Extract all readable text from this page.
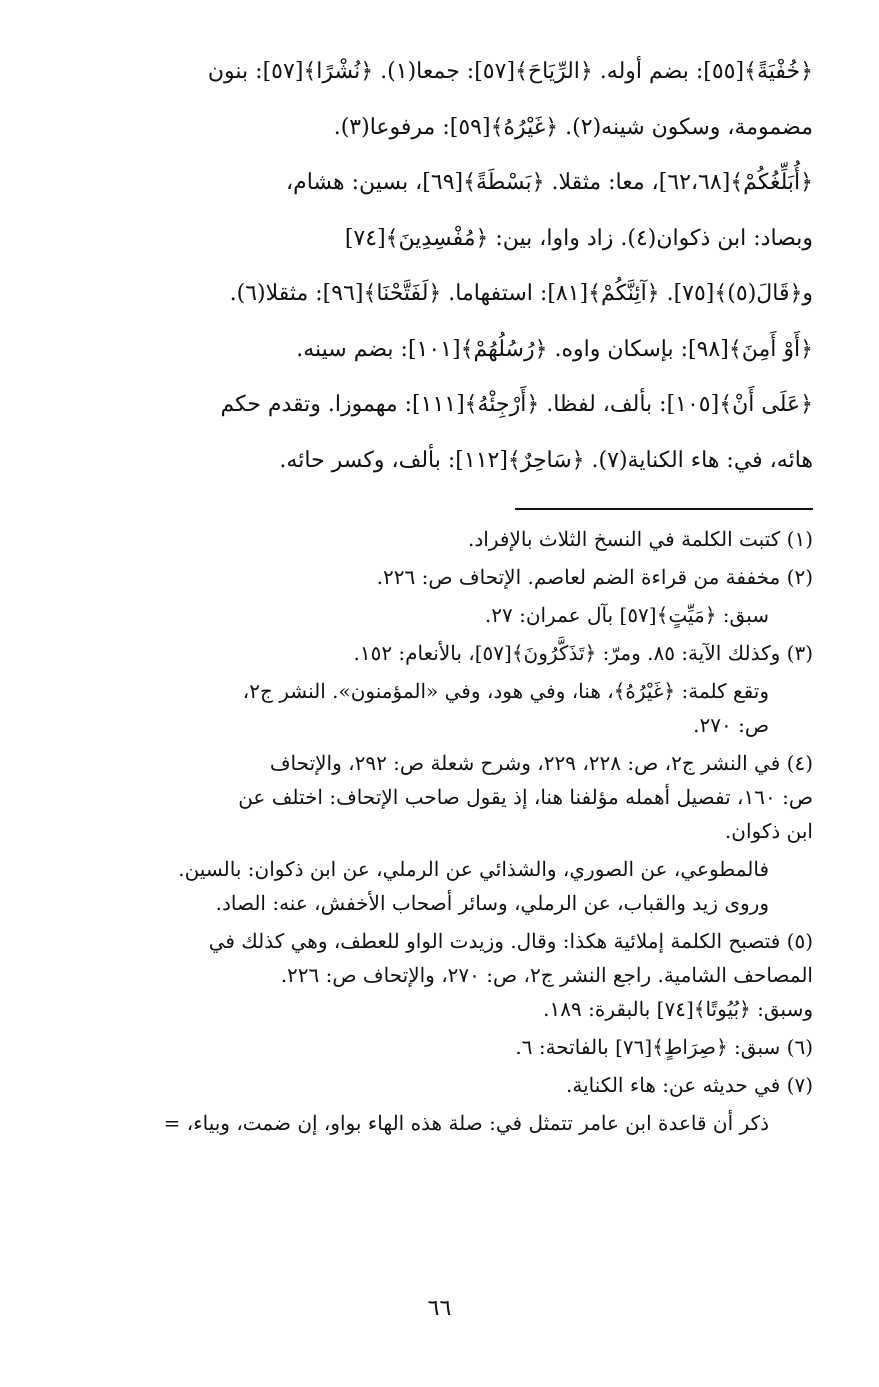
﴿خُفْيَةً﴾[٥٥]: بضم أوله. ﴿الرِّيَاحَ﴾[٥٧]: جمعا(١). ﴿نُشْرًا﴾[٥٧]: بنون
مضمومة، وسكون شينه(٢). ﴿غَيْرُهُ﴾[٥٩]: مرفوعا(٣).
﴿أُبَلِّغُكُمْ﴾[٦٢،٦٨]، معا: مثقلا. ﴿بَسْطَةً﴾[٦٩]، بسين: هشام،
وبصاد: ابن ذكوان(٤). زاد واوا، بين: ﴿مُفْسِدِينَ﴾[٧٤]
و﴿قَالَ(٥)﴾[٧٥]. ﴿آئِنَّكُمْ﴾[٨١]: استفهاما. ﴿لَفَتَّحْنَا﴾[٩٦]: مثقلا(٦).
﴿أَوْ أَمِنَ﴾[٩٨]: بإسكان واوه. ﴿رُسُلُهُمْ﴾[١٠١]: بضم سينه.
﴿عَلَى أَنْ﴾[١٠٥]: بألف، لفظا. ﴿أَرْجِئْهُ﴾[١١١]: مهموزا. وتقدم حكم
هائه، في: هاء الكناية(٧). ﴿سَاحِرٌ﴾[١١٢]: بألف، وكسر حائه.
(١) كتبت الكلمة في النسخ الثلاث بالإفراد.
(٢) مخففة من قراءة الضم لعاصم. الإتحاف ص: ٢٢٦.
سبق: ﴿مَيِّتٍ﴾[٥٧] بآل عمران: ٢٧.
(٣) وكذلك الآية: ٨٥. ومرّ: ﴿تَذَكَّرُونَ﴾[٥٧]، بالأنعام: ١٥٢.
وتقع كلمة: ﴿غَيْرُهُ﴾، هنا، وفي هود، وفي «المؤمنون». النشر ج٢،
ص: ٢٧٠.
(٤) في النشر ج٢، ص: ٢٢٨، ٢٢٩، وشرح شعلة ص: ٢٩٢، والإتحاف
ص: ١٦٠، تفصيل أهمله مؤلفنا هنا، إذ يقول صاحب الإتحاف: اختلف عن
ابن ذكوان.
فالمطوعي، عن الصوري، والشذائي عن الرملي، عن ابن ذكوان: بالسين.
وروى زيد والقباب، عن الرملي، وسائر أصحاب الأخفش، عنه: الصاد.
(٥) فتصبح الكلمة إملائية هكذا: وقال. وزيدت الواو للعطف، وهي كذلك في
المصاحف الشامية. راجع النشر ج٢، ص: ٢٧٠، والإتحاف ص: ٢٢٦.
وسبق: ﴿بُيُوتًا﴾[٧٤] بالبقرة: ١٨٩.
(٦) سبق: ﴿صِرَاطٍ﴾[٧٦] بالفاتحة: ٦.
(٧) في حديثه عن: هاء الكناية.
ذكر أن قاعدة ابن عامر تتمثل في: صلة هذه الهاء بواو، إن ضمت، وبياء، =
٦٦
